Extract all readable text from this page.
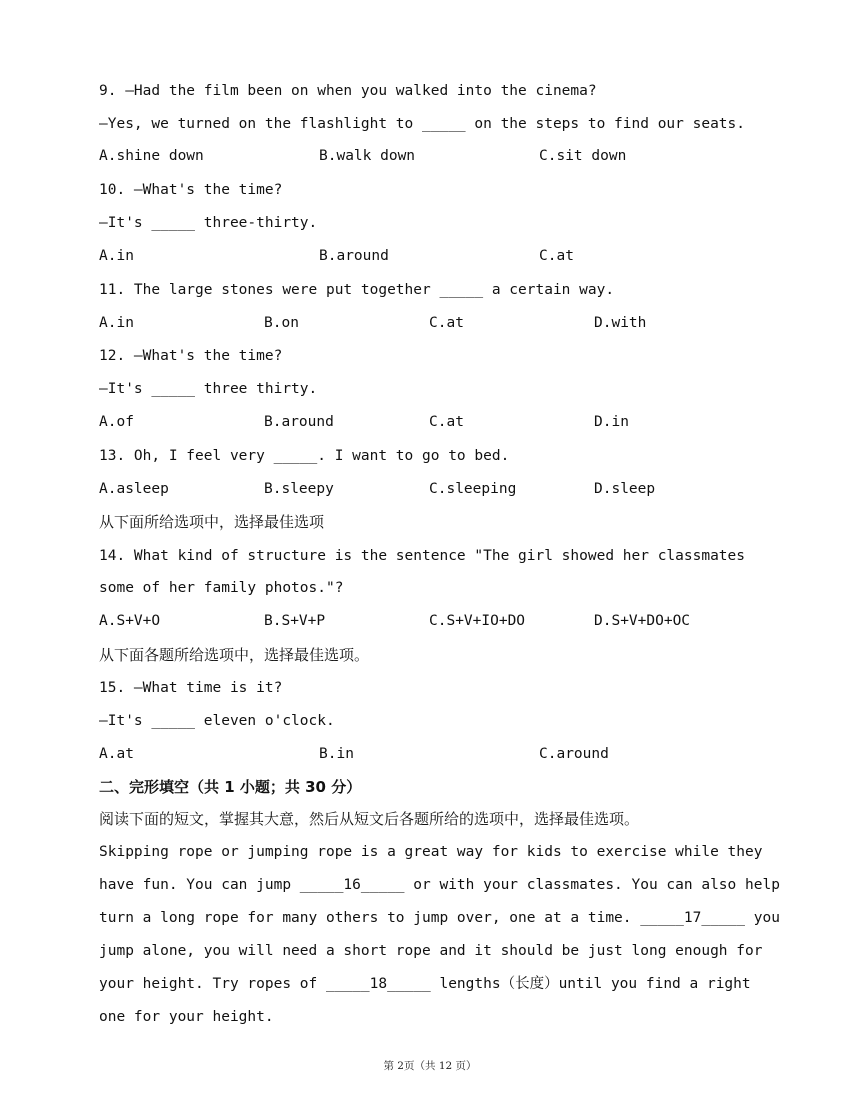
9. —Had the film been on when you walked into the cinema?
—Yes, we turned on the flashlight to _____ on the steps to find our seats.
A.shine down	B.walk down	C.sit down
10. —What's the time?
—It's _____ three-thirty.
A.in	B.around	C.at
11. The large stones were put together _____ a certain way.
A.in	B.on	C.at	D.with
12. —What's the time?
—It's _____ three thirty.
A.of	B.around	C.at	D.in
13. Oh, I feel very _____. I want to go to bed.
A.asleep	B.sleepy	C.sleeping	D.sleep
从下面所给选项中，选择最佳选项
14. What kind of structure is the sentence "The girl showed her classmates
some of her family photos."?
A.S+V+O	B.S+V+P	C.S+V+IO+DO	D.S+V+DO+OC
从下面各题所给选项中，选择最佳选项。
15. —What time is it?
—It's _____ eleven o'clock.
A.at	B.in	C.around
二、完形填空（共 1 小题；共 30 分）
阅读下面的短文，掌握其大意，然后从短文后各题所给的选项中，选择最佳选项。
Skipping rope or jumping rope is a great way for kids to exercise while they
have fun. You can jump _____16_____ or with your classmates. You can also help
turn a long rope for many others to jump over, one at a time. _____17_____ you
jump alone, you will need a short rope and it should be just long enough for
your height. Try ropes of _____18_____ lengths（长度）until you find a right
one for your height.
第 2页（共 12 页）
